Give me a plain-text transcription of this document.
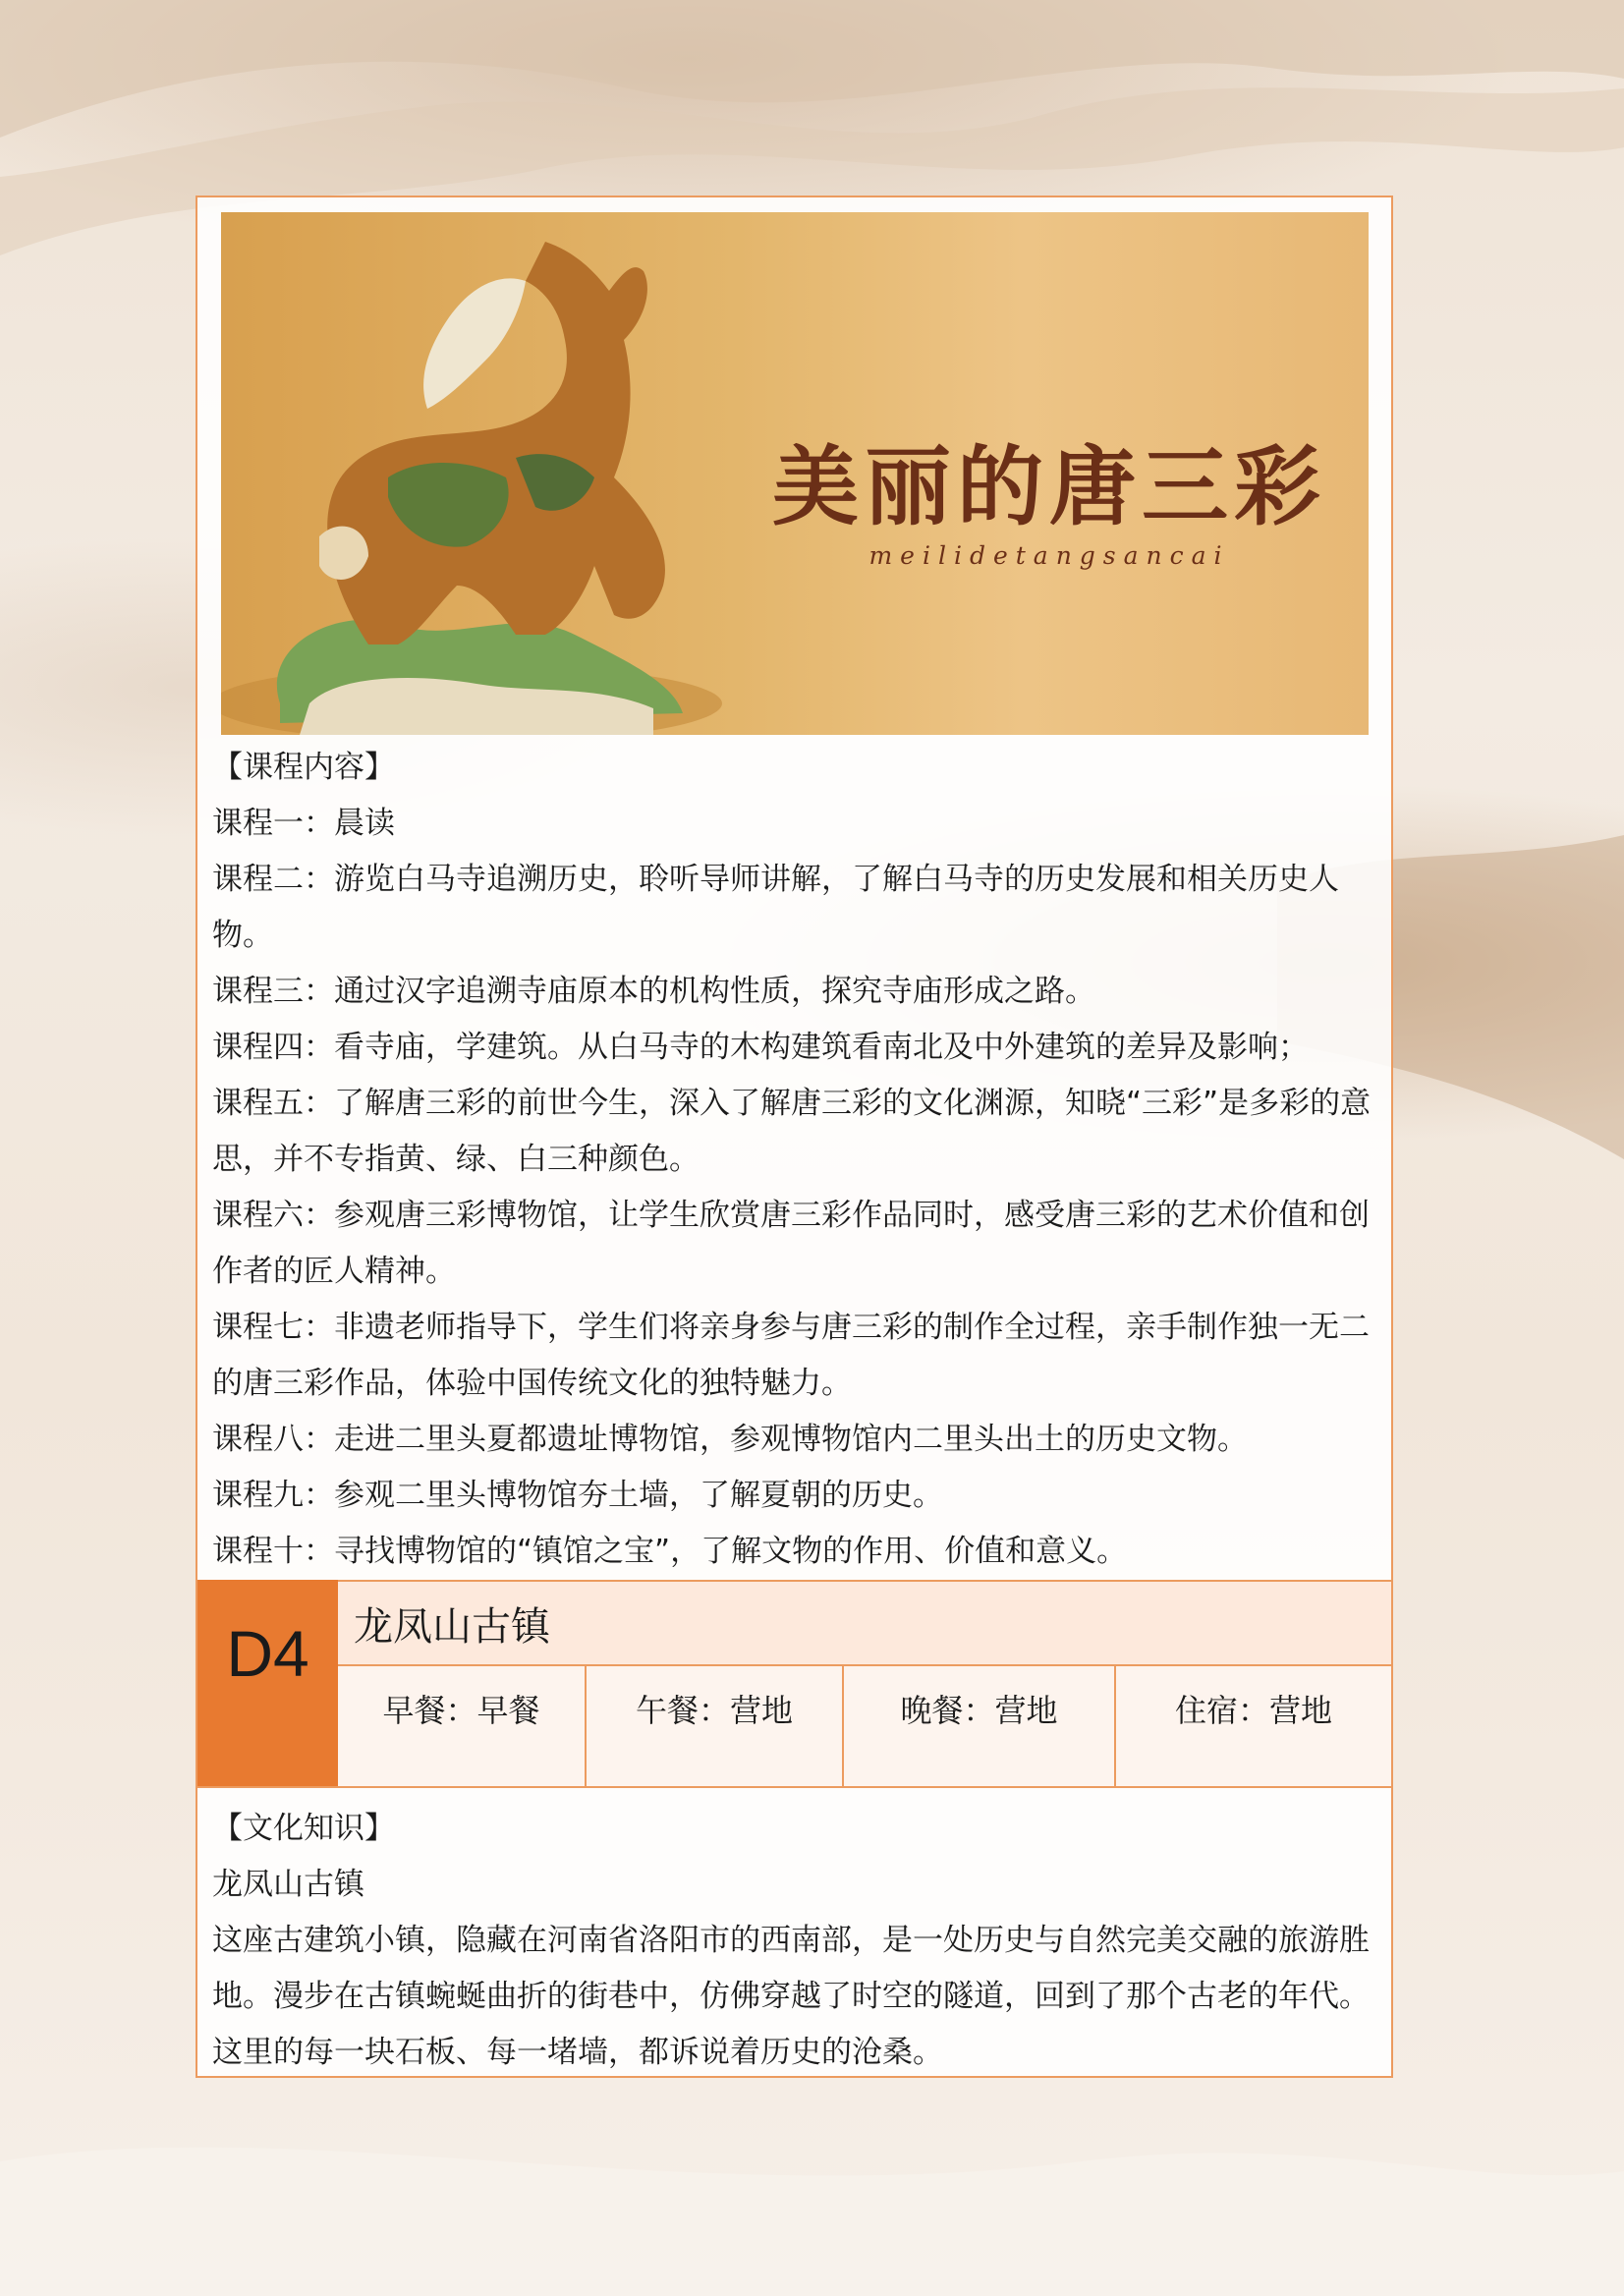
美丽的唐三彩
meilidetangsancai

【课程内容】

课程一：晨读

课程二：游览白马寺追溯历史，聆听导师讲解，了解白马寺的历史发展和相关历史人物。

课程三：通过汉字追溯寺庙原本的机构性质，探究寺庙形成之路。

课程四：看寺庙，学建筑。从白马寺的木构建筑看南北及中外建筑的差异及影响；

课程五：了解唐三彩的前世今生，深入了解唐三彩的文化渊源，知晓“三彩”是多彩的意思，并不专指黄、绿、白三种颜色。

课程六：参观唐三彩博物馆，让学生欣赏唐三彩作品同时，感受唐三彩的艺术价值和创作者的匠人精神。

课程七：非遗老师指导下，学生们将亲身参与唐三彩的制作全过程，亲手制作独一无二的唐三彩作品，体验中国传统文化的独特魅力。

课程八：走进二里头夏都遗址博物馆，参观博物馆内二里头出土的历史文物。

课程九：参观二里头博物馆夯土墙，了解夏朝的历史。

课程十：寻找博物馆的“镇馆之宝”，了解文物的作用、价值和意义。

D4	龙凤山古镇
早餐：早餐	午餐：营地	晚餐：营地	住宿：营地

【文化知识】

龙凤山古镇

这座古建筑小镇，隐藏在河南省洛阳市的西南部，是一处历史与自然完美交融的旅游胜地。漫步在古镇蜿蜒曲折的街巷中，仿佛穿越了时空的隧道，回到了那个古老的年代。这里的每一块石板、每一堵墙，都诉说着历史的沧桑。
